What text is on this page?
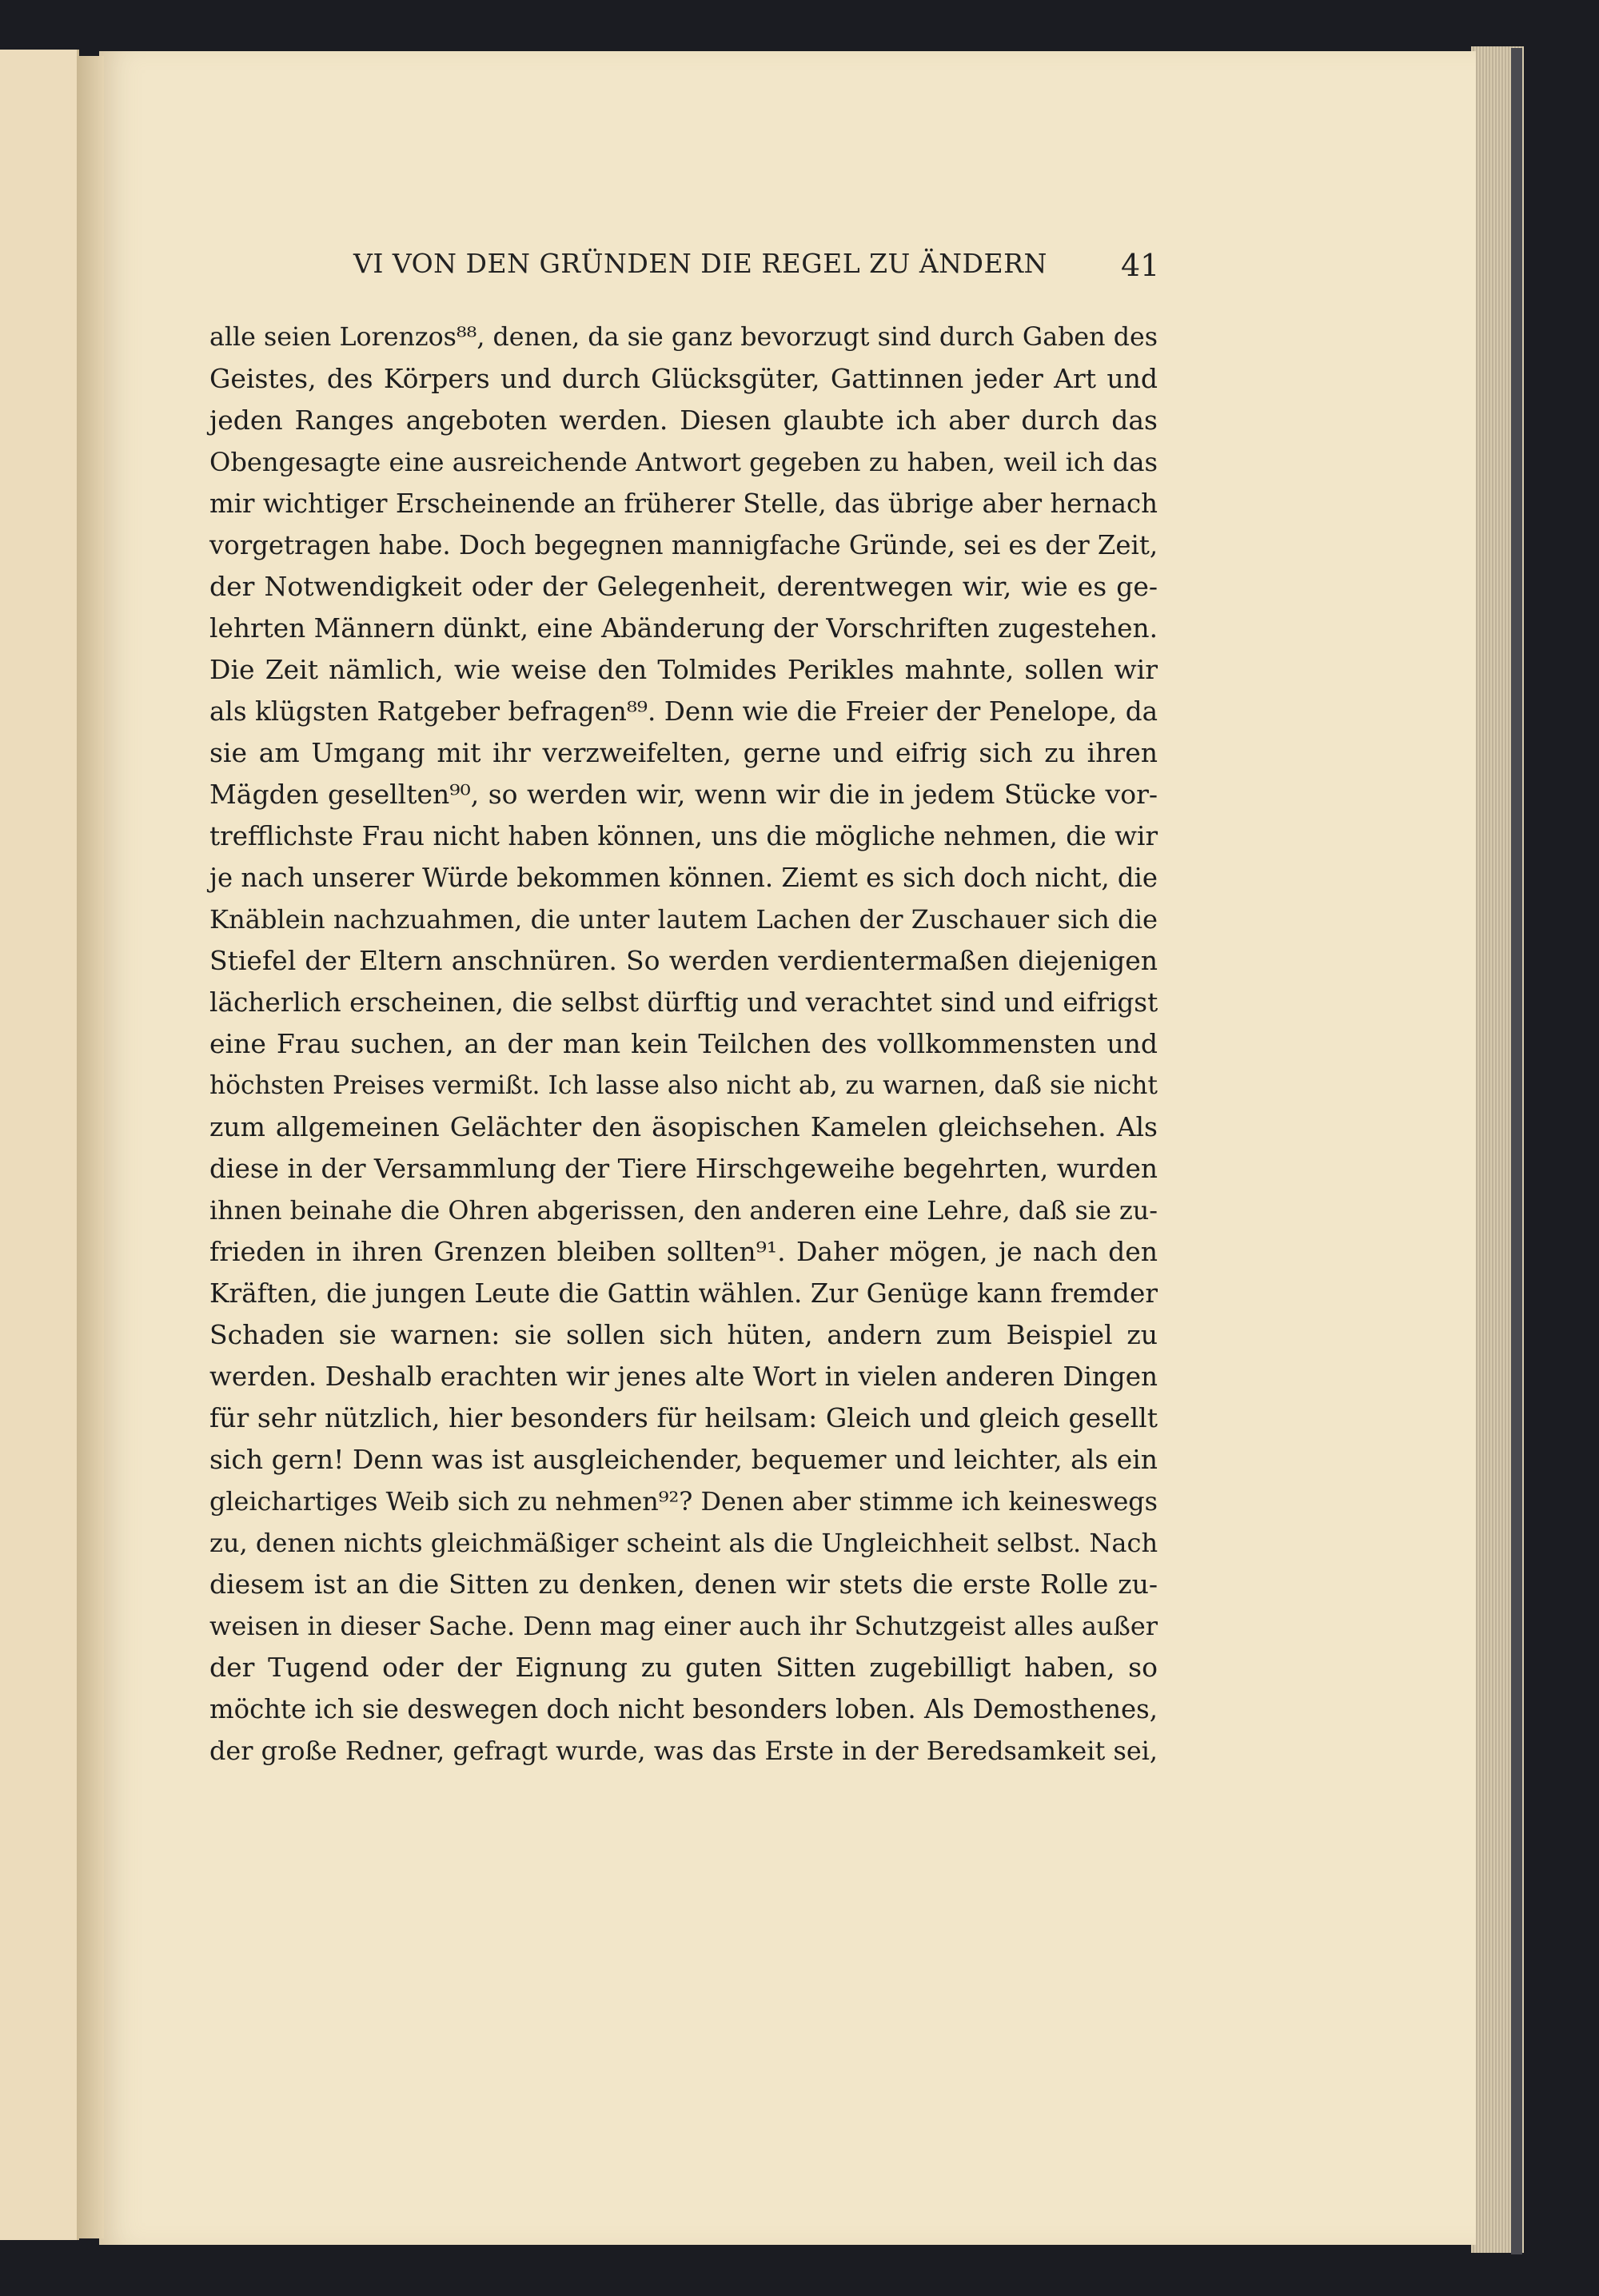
VI VON DEN GRÜNDEN DIE REGEL ZU ÄNDERN	41
alle seien Lorenzos⁸⁸, denen, da sie ganz bevorzugt sind durch Gaben des
Geistes, des Körpers und durch Glücksgüter, Gattinnen jeder Art und
jeden Ranges angeboten werden. Diesen glaubte ich aber durch das
Obengesagte eine ausreichende Antwort gegeben zu haben, weil ich das
mir wichtiger Erscheinende an früherer Stelle, das übrige aber hernach
vorgetragen habe. Doch begegnen mannigfache Gründe, sei es der Zeit,
der Notwendigkeit oder der Gelegenheit, derentwegen wir, wie es ge-
lehrten Männern dünkt, eine Abänderung der Vorschriften zugestehen.
Die Zeit nämlich, wie weise den Tolmides Perikles mahnte, sollen wir
als klügsten Ratgeber befragen⁸⁹. Denn wie die Freier der Penelope, da
sie am Umgang mit ihr verzweifelten, gerne und eifrig sich zu ihren
Mägden gesellten⁹⁰, so werden wir, wenn wir die in jedem Stücke vor-
trefflichste Frau nicht haben können, uns die mögliche nehmen, die wir
je nach unserer Würde bekommen können. Ziemt es sich doch nicht, die
Knäblein nachzuahmen, die unter lautem Lachen der Zuschauer sich die
Stiefel der Eltern anschnüren. So werden verdientermaßen diejenigen
lächerlich erscheinen, die selbst dürftig und verachtet sind und eifrigst
eine Frau suchen, an der man kein Teilchen des vollkommensten und
höchsten Preises vermißt. Ich lasse also nicht ab, zu warnen, daß sie nicht
zum allgemeinen Gelächter den äsopischen Kamelen gleichsehen. Als
diese in der Versammlung der Tiere Hirschgeweihe begehrten, wurden
ihnen beinahe die Ohren abgerissen, den anderen eine Lehre, daß sie zu-
frieden in ihren Grenzen bleiben sollten⁹¹. Daher mögen, je nach den
Kräften, die jungen Leute die Gattin wählen. Zur Genüge kann fremder
Schaden sie warnen: sie sollen sich hüten, andern zum Beispiel zu
werden. Deshalb erachten wir jenes alte Wort in vielen anderen Dingen
für sehr nützlich, hier besonders für heilsam: Gleich und gleich gesellt
sich gern! Denn was ist ausgleichender, bequemer und leichter, als ein
gleichartiges Weib sich zu nehmen⁹²? Denen aber stimme ich keineswegs
zu, denen nichts gleichmäßiger scheint als die Ungleichheit selbst. Nach
diesem ist an die Sitten zu denken, denen wir stets die erste Rolle zu-
weisen in dieser Sache. Denn mag einer auch ihr Schutzgeist alles außer
der Tugend oder der Eignung zu guten Sitten zugebilligt haben, so
möchte ich sie deswegen doch nicht besonders loben. Als Demosthenes,
der große Redner, gefragt wurde, was das Erste in der Beredsamkeit sei,
